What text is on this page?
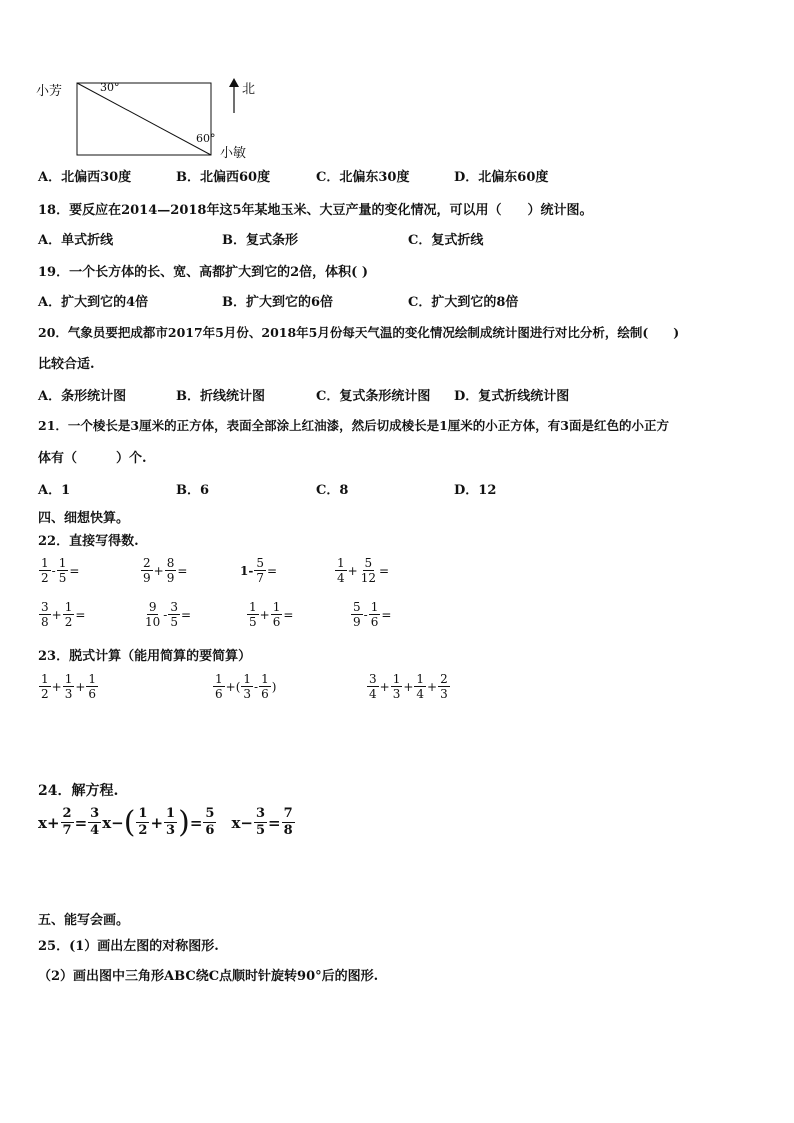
小芳	30°
60°
小敏
北
A．北偏西30度	B．北偏西60度	C．北偏东30度	D．北偏东60度
18．要反应在2014—2018年这5年某地玉米、大豆产量的变化情况，可以用（　　）统计图。
A．单式折线	B．复式条形	C．复式折线
19．一个长方体的长、宽、高都扩大到它的2倍，体积( )
A．扩大到它的4倍	B．扩大到它的6倍	C．扩大到它的8倍
20．气象员要把成都市2017年5月份、2018年5月份每天气温的变化情况绘制成统计图进行对比分析，绘制(　　)
比较合适.
A．条形统计图	B．折线统计图	C．复式条形统计图 D．复式折线统计图
21．一个棱长是3厘米的正方体，表面全部涂上红油漆，然后切成棱长是1厘米的小正方体，有3面是红色的小正方
体有（　　　）个.
A．1	B．6	C．8	D．12
四、细想快算。
22．直接写得数.
$\frac{1}{2} - \frac{1}{5}$ =	$\frac{2}{9} + \frac{8}{9}$ =	$1- \frac{5}{7}$ =	$\frac{1}{4} + \frac{5}{12}$ =
$\frac{3}{8} + \frac{1}{2}$ =	$\frac{9}{10} - \frac{3}{5}$ =	$\frac{1}{5} + \frac{1}{6}$ =	$\frac{5}{9} - \frac{1}{6}$ =
23．脱式计算（能用简算的要简算）
$\frac{1}{2} + \frac{1}{3} + \frac{1}{6}$	$\frac{1}{6}$ +( $\frac{1}{3} - \frac{1}{6}$ )	$\frac{3}{4} + \frac{1}{3} + \frac{1}{4} + \frac{2}{3}$
24．解方程.
$x+ \frac{2}{7} = \frac{3}{4} x-$ ( $\frac{1}{2} + \frac{1}{3}$ ) = $\frac{5}{6} x- \frac{3}{5} = \frac{7}{8}$
五、能写会画。
25．(1）画出左图的对称图形.
（2）画出图中三角形ABC绕C点顺时针旋转90°后的图形.
